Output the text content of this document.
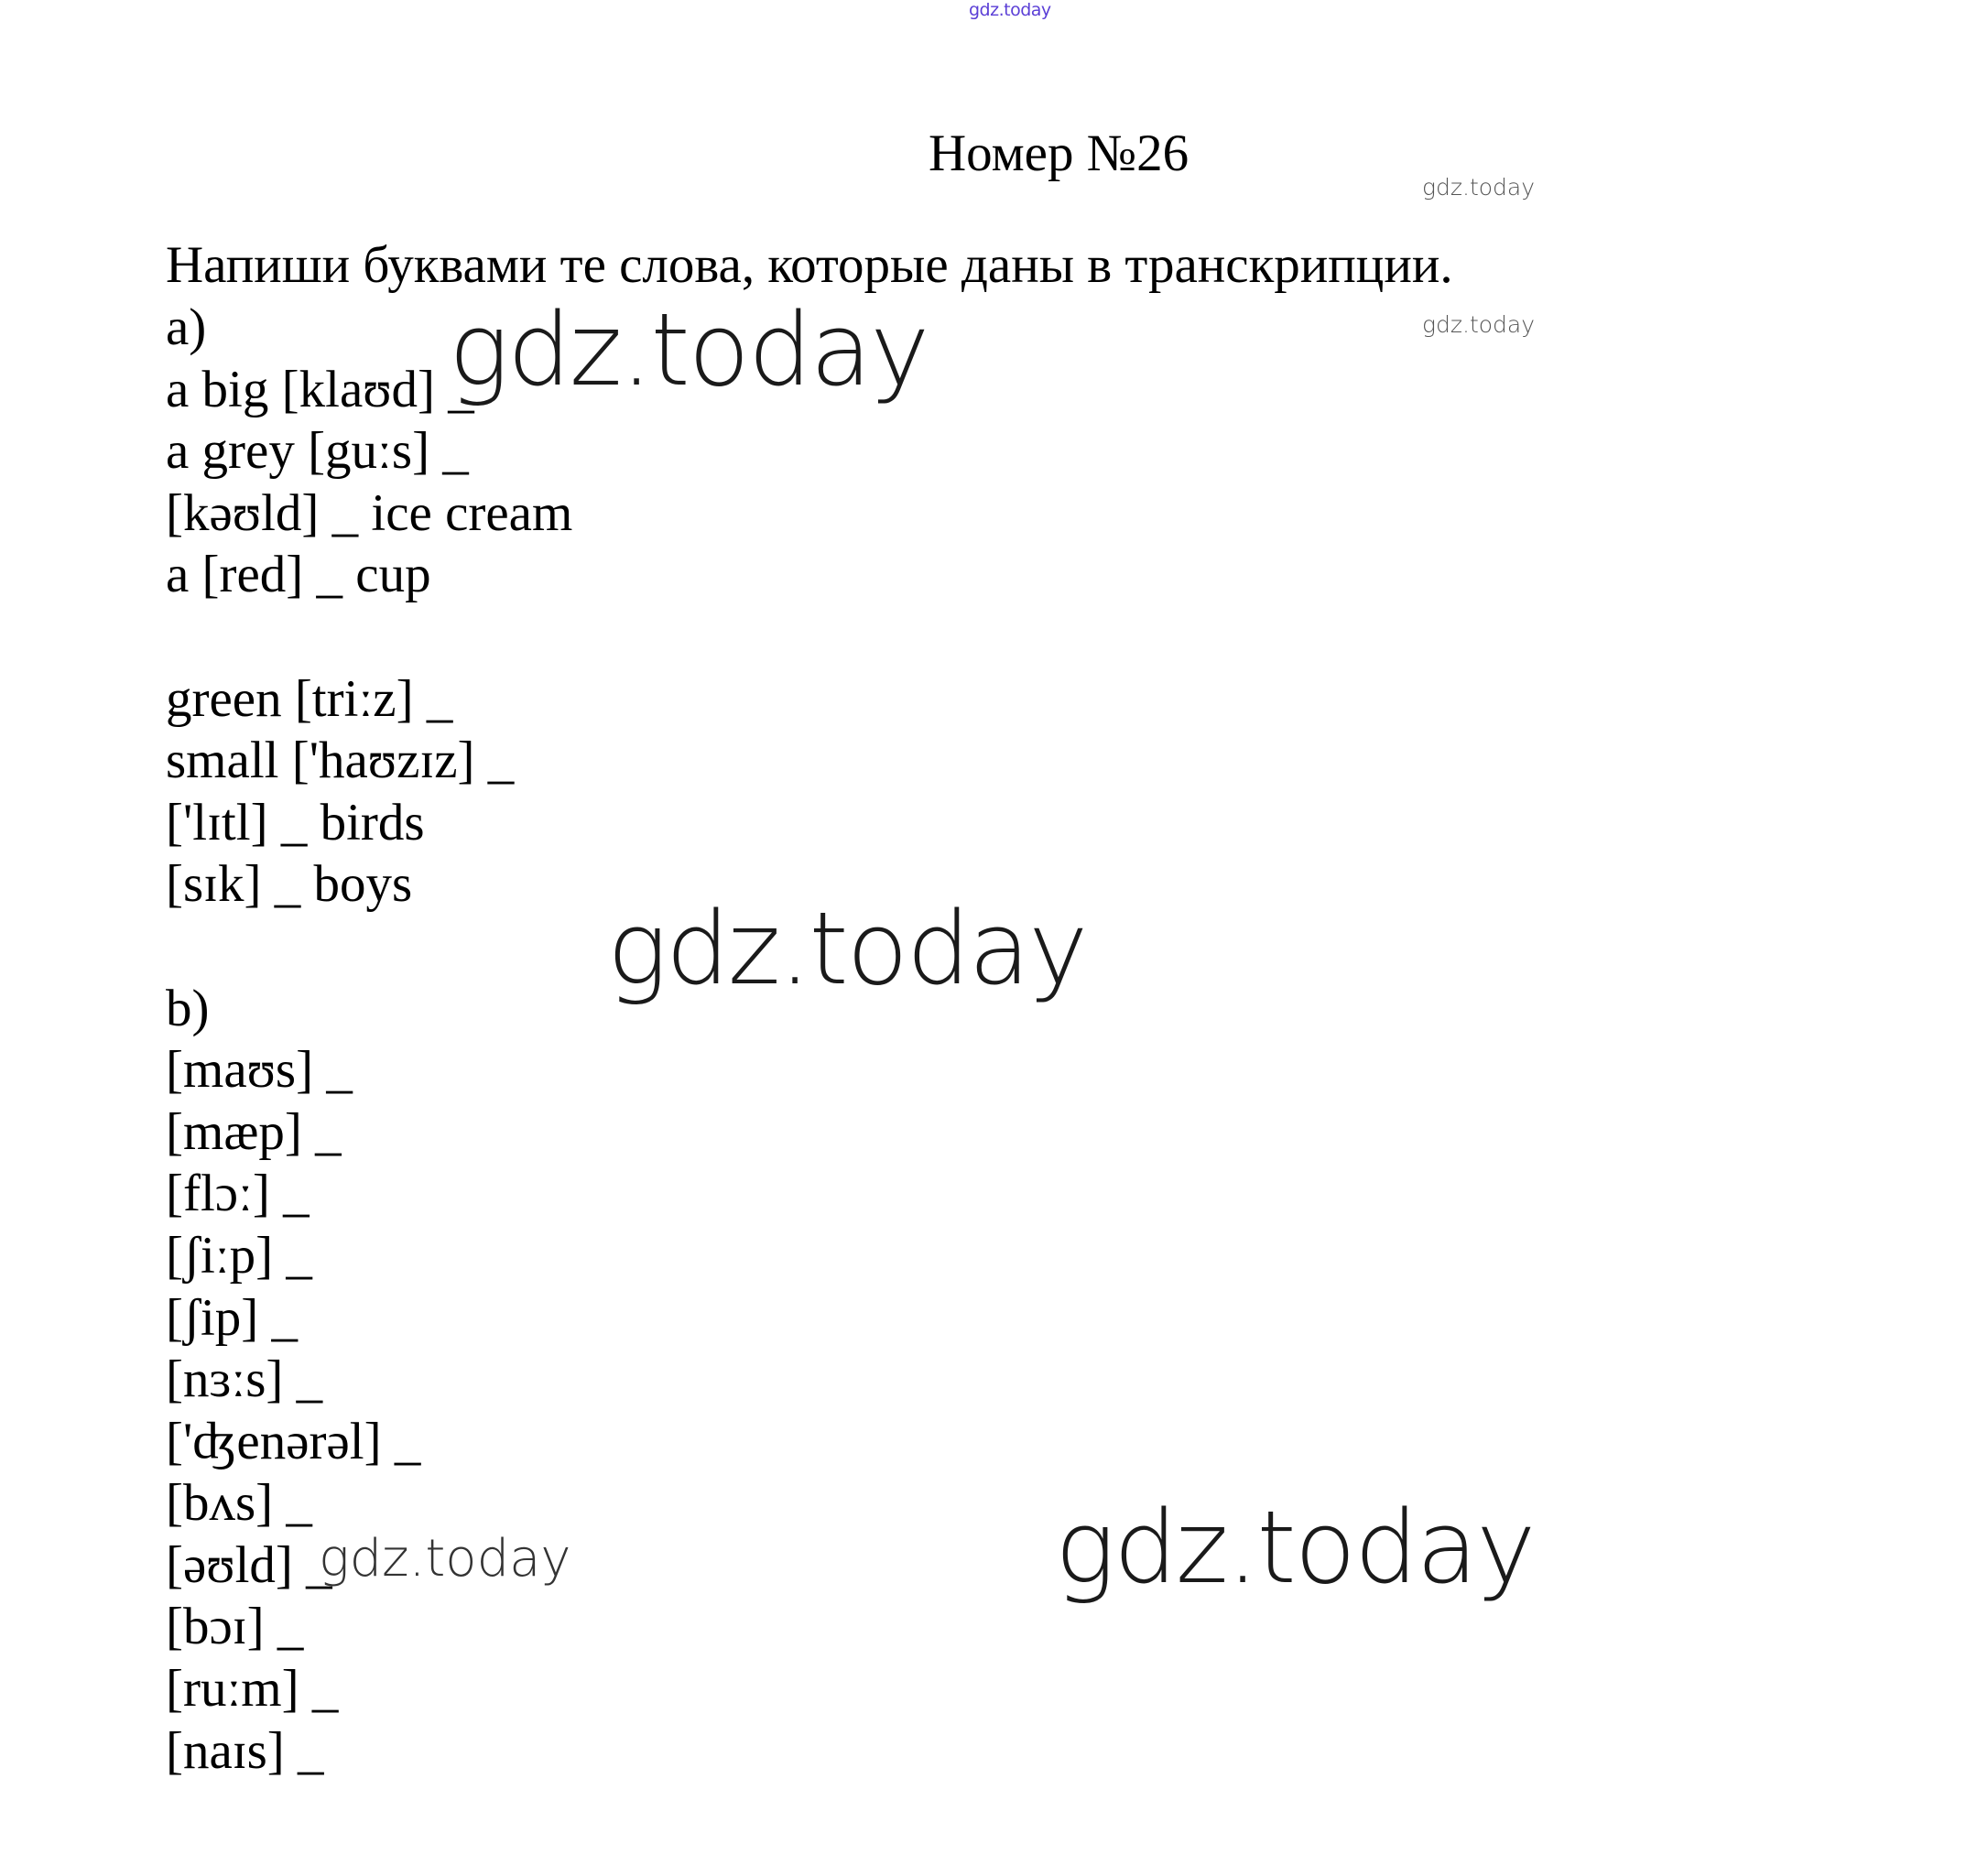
gdz.today
Номер №26
Напиши буквами те слова, которые даны в транскрипции.
a)
a big [klaʊd] _
a grey [guːs] _
[kəʊld] _ ice cream
a [red] _ cup
green [triːz] _
small ['haʊzɪz] _
['lɪtl] _ birds
[sɪk] _ boys
b)
[maʊs] _
[mæp] _
[flɔː] _
[ʃiːp] _
[ʃip] _
[nɜːs] _
['ʤenərəl] _
[bʌs] _
[əʊld] _
[bɔɪ] _
[ruːm] _
[naɪs] _
gdz.today
gdz.today
gdz.today
gdz.today
gdz.today
gdz.today
